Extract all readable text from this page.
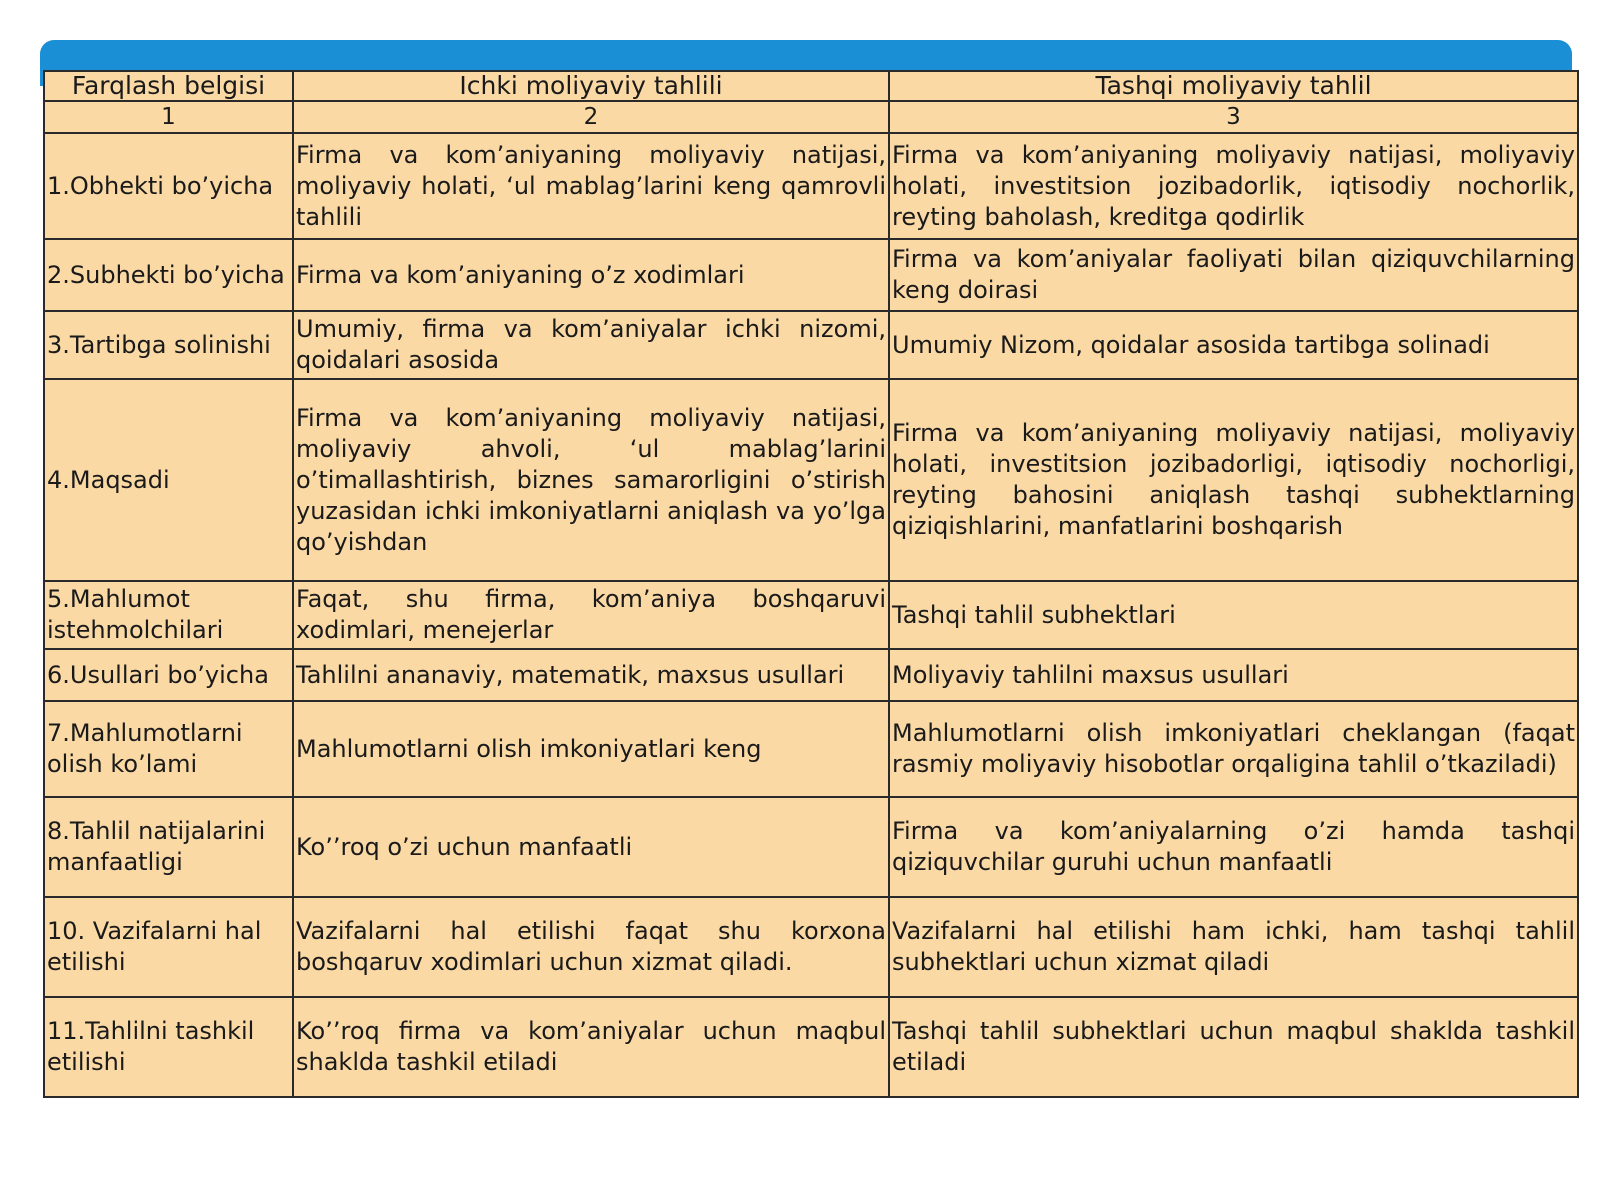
Farqlash belgisi	Ichki moliyaviy tahlili	Tashqi moliyaviy tahlil
1	2	3
1.Obhekti bo’yicha	Firma va kom’aniyaning moliyaviy natijasi, moliyaviy holati, ‘ul mablag’larini keng qamrovli tahlili	Firma va kom’aniyaning moliyaviy natijasi, moliyaviy holati, investitsion jozibadorlik, iqtisodiy nochorlik, reyting baholash, kreditga qodirlik
2.Subhekti bo’yicha	Firma va kom’aniyaning o’z xodimlari	Firma va kom’aniyalar faoliyati bilan qiziquvchilarning keng doirasi
3.Tartibga solinishi	Umumiy, firma va kom’aniyalar ichki nizomi, qoidalari asosida	Umumiy Nizom, qoidalar asosida tartibga solinadi
4.Maqsadi	Firma va kom’aniyaning moliyaviy natijasi, moliyaviy ahvoli, ‘ul mablag’larini o’timallashtirish, biznes samarorligini o’stirish yuzasidan ichki imkoniyatlarni aniqlash va yo’lga qo’yishdan	Firma va kom’aniyaning moliyaviy natijasi, moliyaviy holati, investitsion jozibadorligi, iqtisodiy nochorligi, reyting bahosini aniqlash tashqi subhektlarning qiziqishlarini, manfatlarini boshqarish
5.Mahlumot istehmolchilari	Faqat, shu firma, kom’aniya boshqaruvi xodimlari, menejerlar	Tashqi tahlil subhektlari
6.Usullari bo’yicha	Tahlilni ananaviy, matematik, maxsus usullari	Moliyaviy tahlilni maxsus usullari
7.Mahlumotlarni olish ko’lami	Mahlumotlarni olish imkoniyatlari keng	Mahlumotlarni olish imkoniyatlari cheklangan (faqat rasmiy moliyaviy hisobotlar orqaligina tahlil o’tkaziladi)
8.Tahlil natijalarini manfaatligi	Ko’’roq o’zi uchun manfaatli	Firma va kom’aniyalarning o’zi hamda tashqi qiziquvchilar guruhi uchun manfaatli
10. Vazifalarni hal etilishi	Vazifalarni hal etilishi faqat shu korxona boshqaruv xodimlari uchun xizmat qiladi.	Vazifalarni hal etilishi ham ichki, ham tashqi tahlil subhektlari uchun xizmat qiladi
11.Tahlilni tashkil etilishi	Ko’’roq firma va kom’aniyalar uchun maqbul shaklda tashkil etiladi	Tashqi tahlil subhektlari uchun maqbul shaklda tashkil etiladi
